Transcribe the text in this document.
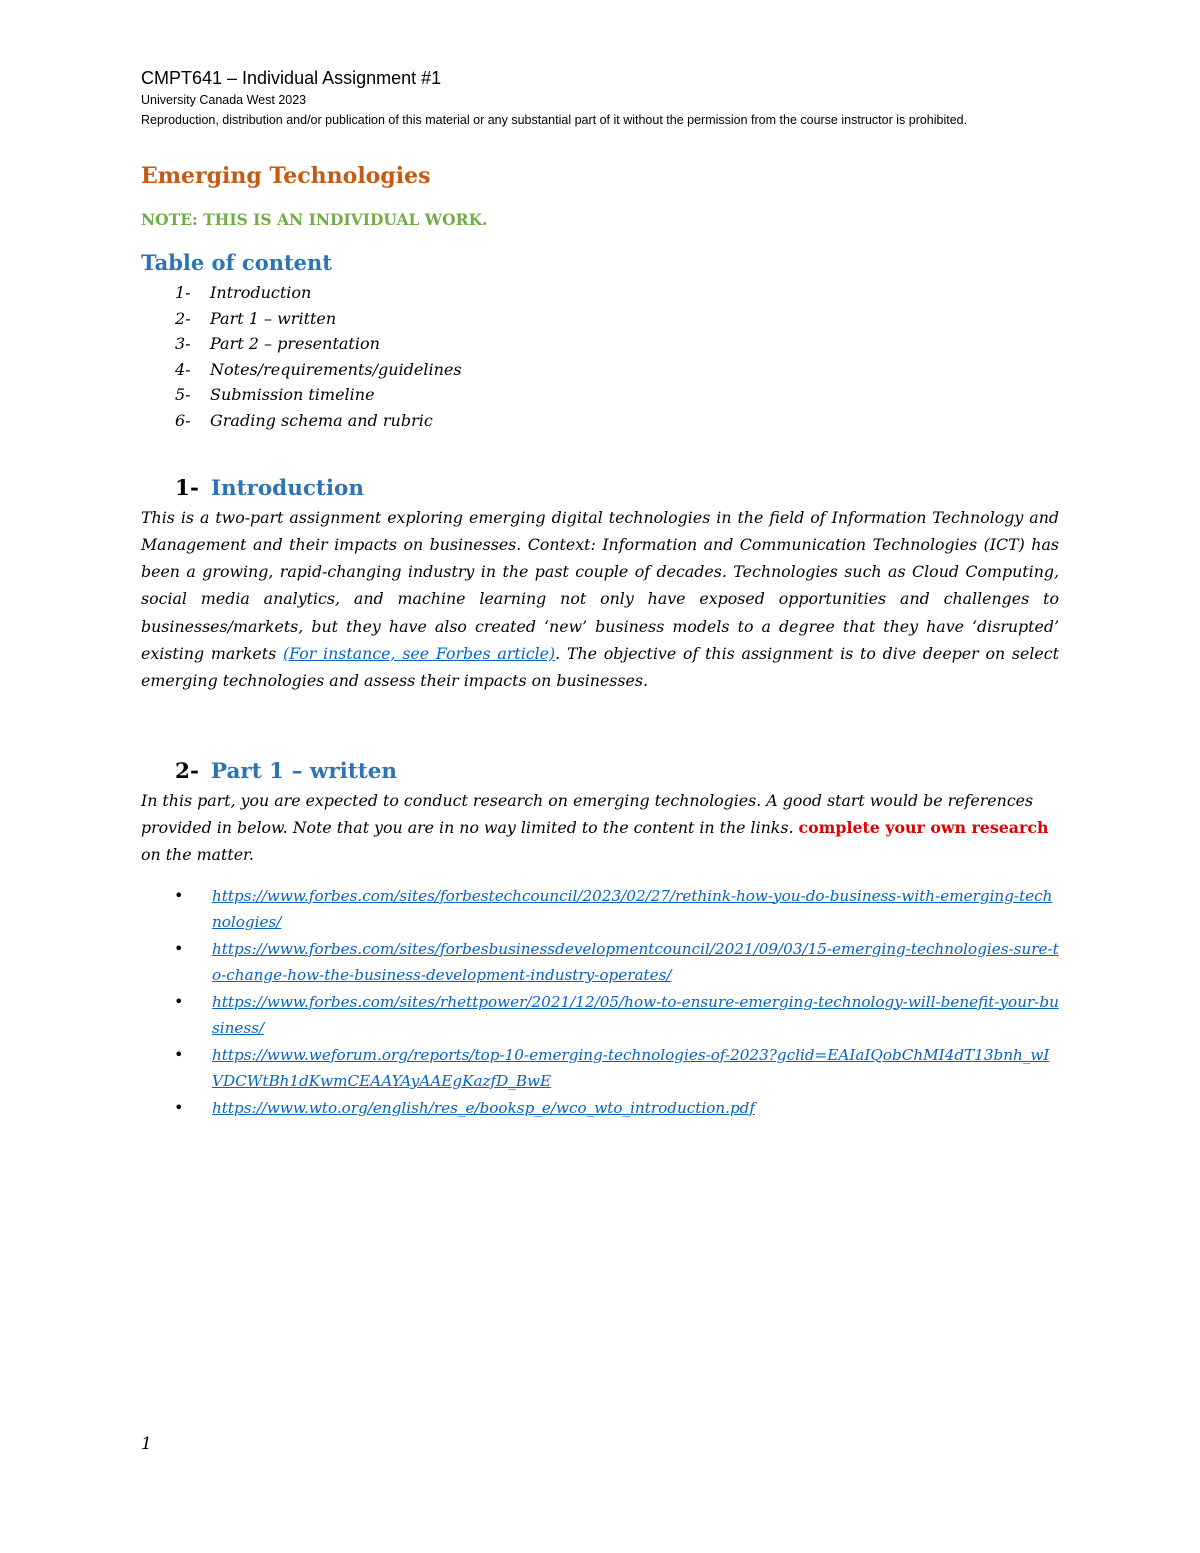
CMPT641 – Individual Assignment #1

University Canada West 2023

Reproduction, distribution and/or publication of this material or any substantial part of it without the permission from the course instructor is prohibited.

Emerging Technologies

NOTE: THIS IS AN INDIVIDUAL WORK.

Table of content
1-	Introduction
2-	Part 1 – written
3-	Part 2 – presentation
4-	Notes/requirements/guidelines
5-	Submission timeline
6-	Grading schema and rubric
1- Introduction

This is a two-part assignment exploring emerging digital technologies in the field of Information Technology and Management and their impacts on businesses. Context: Information and Communication Technologies (ICT) has been a growing, rapid-changing industry in the past couple of decades. Technologies such as Cloud Computing, social media analytics, and machine learning not only have exposed opportunities and challenges to businesses/markets, but they have also created ‘new’ business models to a degree that they have ‘disrupted’ existing markets (For instance, see Forbes article). The objective of this assignment is to dive deeper on select emerging technologies and assess their impacts on businesses.

2- Part 1 – written

In this part, you are expected to conduct research on emerging technologies. A good start would be references provided in below. Note that you are in no way limited to the content in the links. complete your own research on the matter.

• https://www.forbes.com/sites/forbestechcouncil/2023/02/27/rethink-how-you-do-business-with-emerging-technologies/
• https://www.forbes.com/sites/forbesbusinessdevelopmentcouncil/2021/09/03/15-emerging-technologies-sure-to-change-how-the-business-development-industry-operates/
• https://www.forbes.com/sites/rhettpower/2021/12/05/how-to-ensure-emerging-technology-will-benefit-your-business/
• https://www.weforum.org/reports/top-10-emerging-technologies-of-2023?gclid=EAIaIQobChMI4dT13bnh_wIVDCWtBh1dKwmCEAAYAyAAEgKazfD_BwE
• https://www.wto.org/english/res_e/booksp_e/wco_wto_introduction.pdf
1
